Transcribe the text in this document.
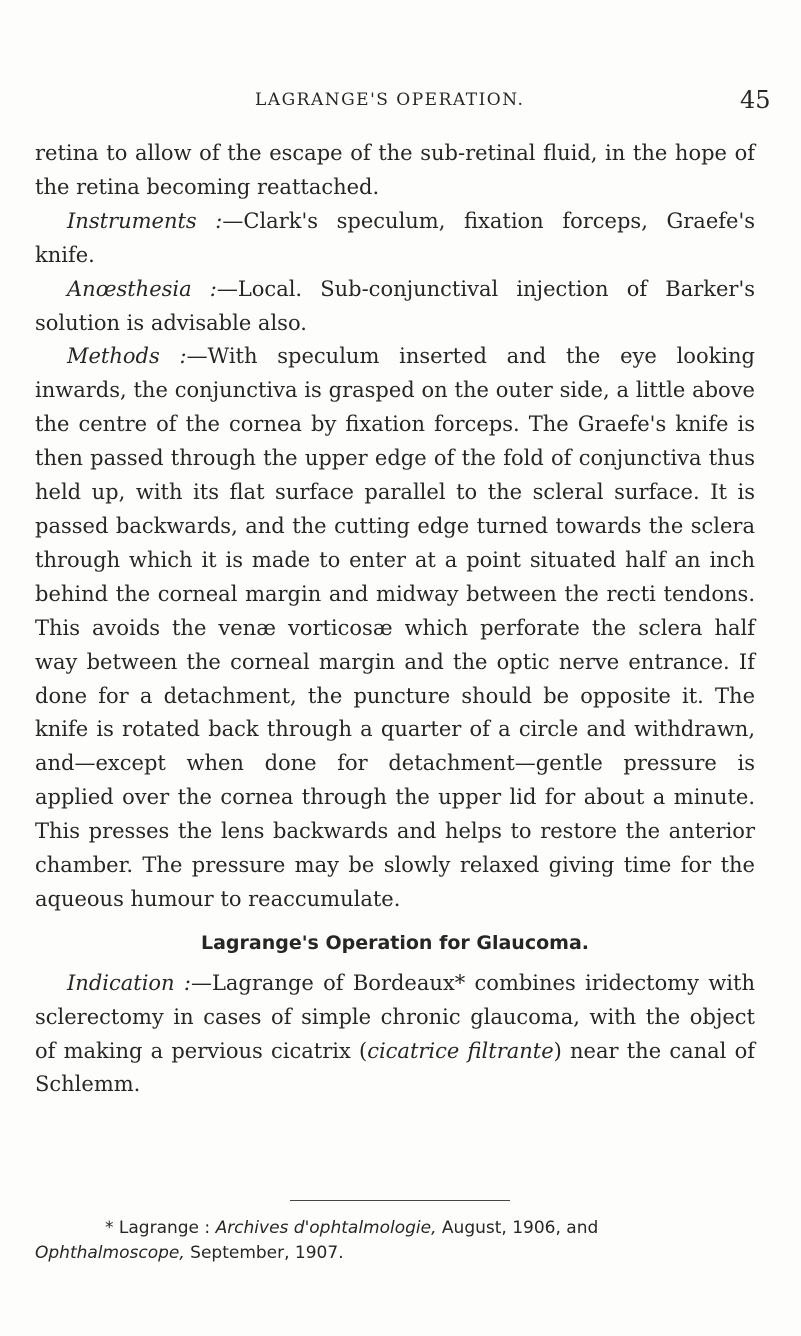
LAGRANGE'S OPERATION.	45

retina to allow of the escape of the sub-retinal fluid, in the hope of the retina becoming reattached.

Instruments :—Clark's speculum, fixation forceps, Graefe's knife.

Anœsthesia :—Local. Sub-conjunctival injection of Barker's solution is advisable also.

Methods :—With speculum inserted and the eye looking inwards, the conjunctiva is grasped on the outer side, a little above the centre of the cornea by fixation forceps. The Graefe's knife is then passed through the upper edge of the fold of conjunctiva thus held up, with its flat surface parallel to the scleral surface. It is passed backwards, and the cutting edge turned towards the sclera through which it is made to enter at a point situated half an inch behind the corneal margin and midway between the recti tendons. This avoids the venæ vorticosæ which perforate the sclera half way between the corneal margin and the optic nerve entrance. If done for a detachment, the puncture should be opposite it. The knife is rotated back through a quarter of a circle and withdrawn, and—except when done for detachment—gentle pressure is applied over the cornea through the upper lid for about a minute. This presses the lens backwards and helps to restore the anterior chamber. The pressure may be slowly relaxed giving time for the aqueous humour to reaccumulate.

Lagrange's Operation for Glaucoma.

Indication :—Lagrange of Bordeaux* combines iridectomy with sclerectomy in cases of simple chronic glaucoma, with the object of making a pervious cicatrix (cicatrice filtrante) near the canal of Schlemm.

* Lagrange : Archives d'ophtalmologie, August, 1906, and Ophthalmoscope, September, 1907.
